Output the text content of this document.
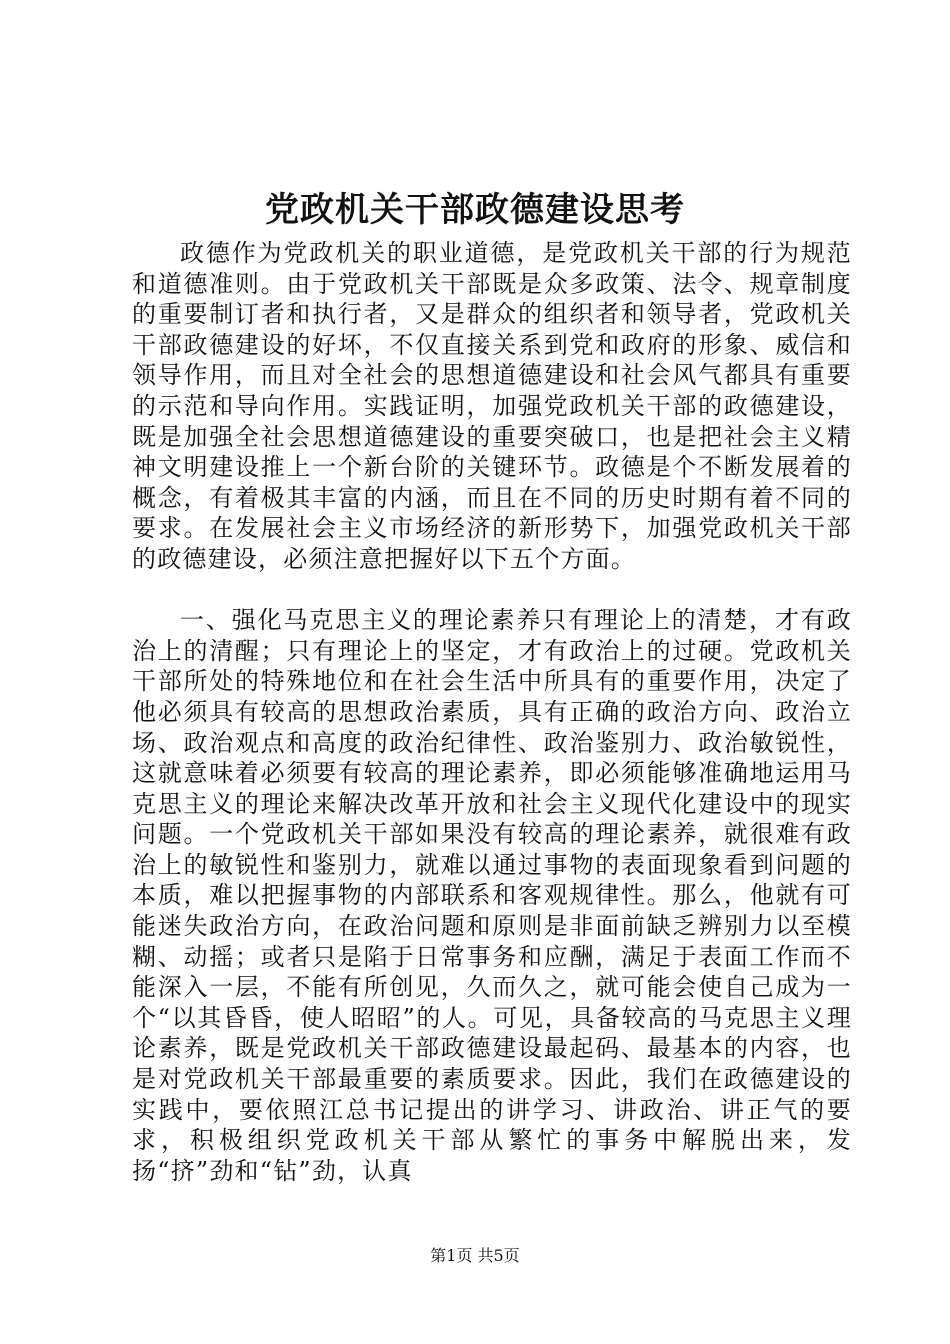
党政机关干部政德建设思考

政德作为党政机关的职业道德，是党政机关干部的行为规范和道德准则。由于党政机关干部既是众多政策、法令、规章制度的重要制订者和执行者，又是群众的组织者和领导者，党政机关干部政德建设的好坏，不仅直接关系到党和政府的形象、威信和领导作用，而且对全社会的思想道德建设和社会风气都具有重要的示范和导向作用。实践证明，加强党政机关干部的政德建设，既是加强全社会思想道德建设的重要突破口，也是把社会主义精神文明建设推上一个新台阶的关键环节。政德是个不断发展着的概念，有着极其丰富的内涵，而且在不同的历史时期有着不同的要求。在发展社会主义市场经济的新形势下，加强党政机关干部的政德建设，必须注意把握好以下五个方面。

一、强化马克思主义的理论素养只有理论上的清楚，才有政治上的清醒；只有理论上的坚定，才有政治上的过硬。党政机关干部所处的特殊地位和在社会生活中所具有的重要作用，决定了他必须具有较高的思想政治素质，具有正确的政治方向、政治立场、政治观点和高度的政治纪律性、政治鉴别力、政治敏锐性，这就意味着必须要有较高的理论素养，即必须能够准确地运用马克思主义的理论来解决改革开放和社会主义现代化建设中的现实问题。一个党政机关干部如果没有较高的理论素养，就很难有政治上的敏锐性和鉴别力，就难以通过事物的表面现象看到问题的本质，难以把握事物的内部联系和客观规律性。那么，他就有可能迷失政治方向，在政治问题和原则是非面前缺乏辨别力以至模糊、动摇；或者只是陷于日常事务和应酬，满足于表面工作而不能深入一层，不能有所创见，久而久之，就可能会使自己成为一个“以其昏昏，使人昭昭”的人。可见，具备较高的马克思主义理论素养，既是党政机关干部政德建设最起码、最基本的内容，也是对党政机关干部最重要的素质要求。因此，我们在政德建设的实践中，要依照江总书记提出的讲学习、讲政治、讲正气的要求，积极组织党政机关干部从繁忙的事务中解脱出来，发扬“挤”劲和“钻”劲，认真

第1页 共5页
